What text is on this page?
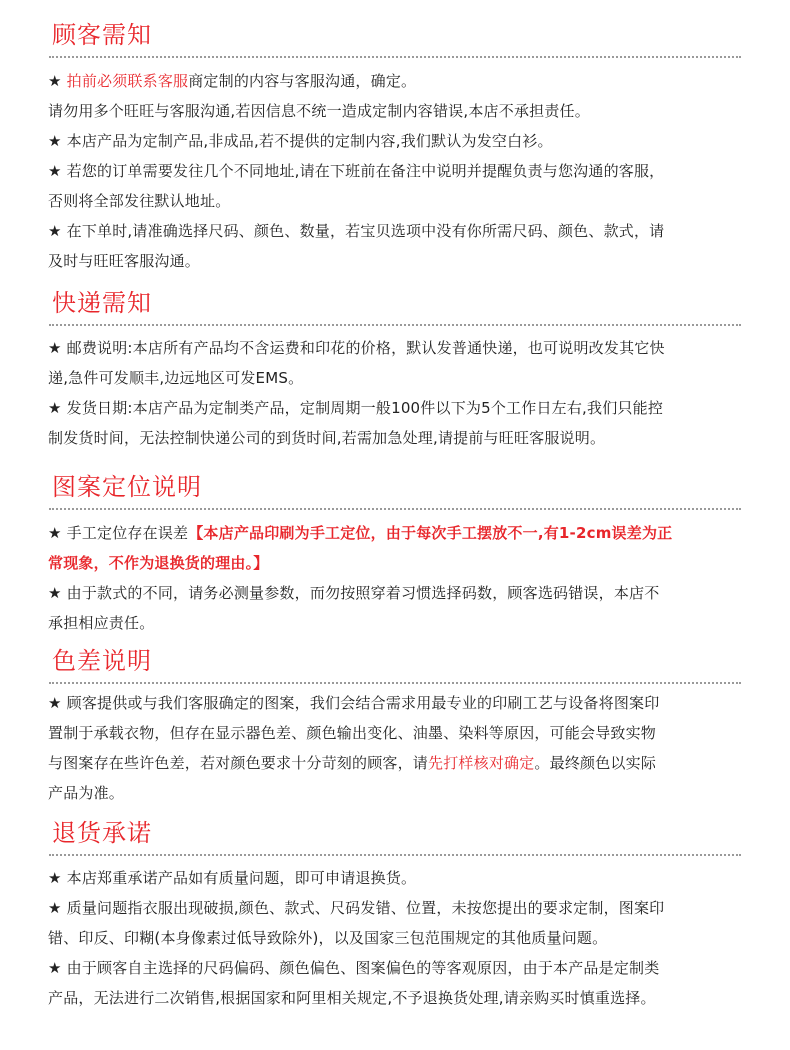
顾客需知
★ 拍前必须联系客服商定制的内容与客服沟通，确定。
请勿用多个旺旺与客服沟通,若因信息不统一造成定制内容错误,本店不承担责任。
★ 本店产品为定制产品,非成品,若不提供的定制内容,我们默认为发空白衫。
★ 若您的订单需要发往几个不同地址,请在下班前在备注中说明并提醒负责与您沟通的客服，
否则将全部发往默认地址。
★ 在下单时,请准确选择尺码、颜色、数量，若宝贝选项中没有你所需尺码、颜色、款式，请
及时与旺旺客服沟通。
快递需知
★ 邮费说明:本店所有产品均不含运费和印花的价格，默认发普通快递，也可说明改发其它快
递,急件可发顺丰,边远地区可发EMS。
★ 发货日期:本店产品为定制类产品，定制周期一般100件以下为5个工作日左右,我们只能控
制发货时间，无法控制快递公司的到货时间,若需加急处理,请提前与旺旺客服说明。
图案定位说明
★ 手工定位存在误差【本店产品印刷为手工定位，由于每次手工摆放不一,有1-2cm误差为正
常现象，不作为退换货的理由。】
★ 由于款式的不同，请务必测量参数，而勿按照穿着习惯选择码数，顾客选码错误，本店不
承担相应责任。
色差说明
★ 顾客提供或与我们客服确定的图案，我们会结合需求用最专业的印刷工艺与设备将图案印
置制于承载衣物，但存在显示器色差、颜色输出变化、油墨、染料等原因，可能会导致实物
与图案存在些许色差，若对颜色要求十分苛刻的顾客，请先打样核对确定。最终颜色以实际
产品为准。
退货承诺
★ 本店郑重承诺产品如有质量问题，即可申请退换货。
★ 质量问题指衣服出现破损,颜色、款式、尺码发错、位置，未按您提出的要求定制，图案印
错、印反、印糊(本身像素过低导致除外)，以及国家三包范围规定的其他质量问题。
★ 由于顾客自主选择的尺码偏码、颜色偏色、图案偏色的等客观原因，由于本产品是定制类
产品，无法进行二次销售,根据国家和阿里相关规定,不予退换货处理,请亲购买时慎重选择。
